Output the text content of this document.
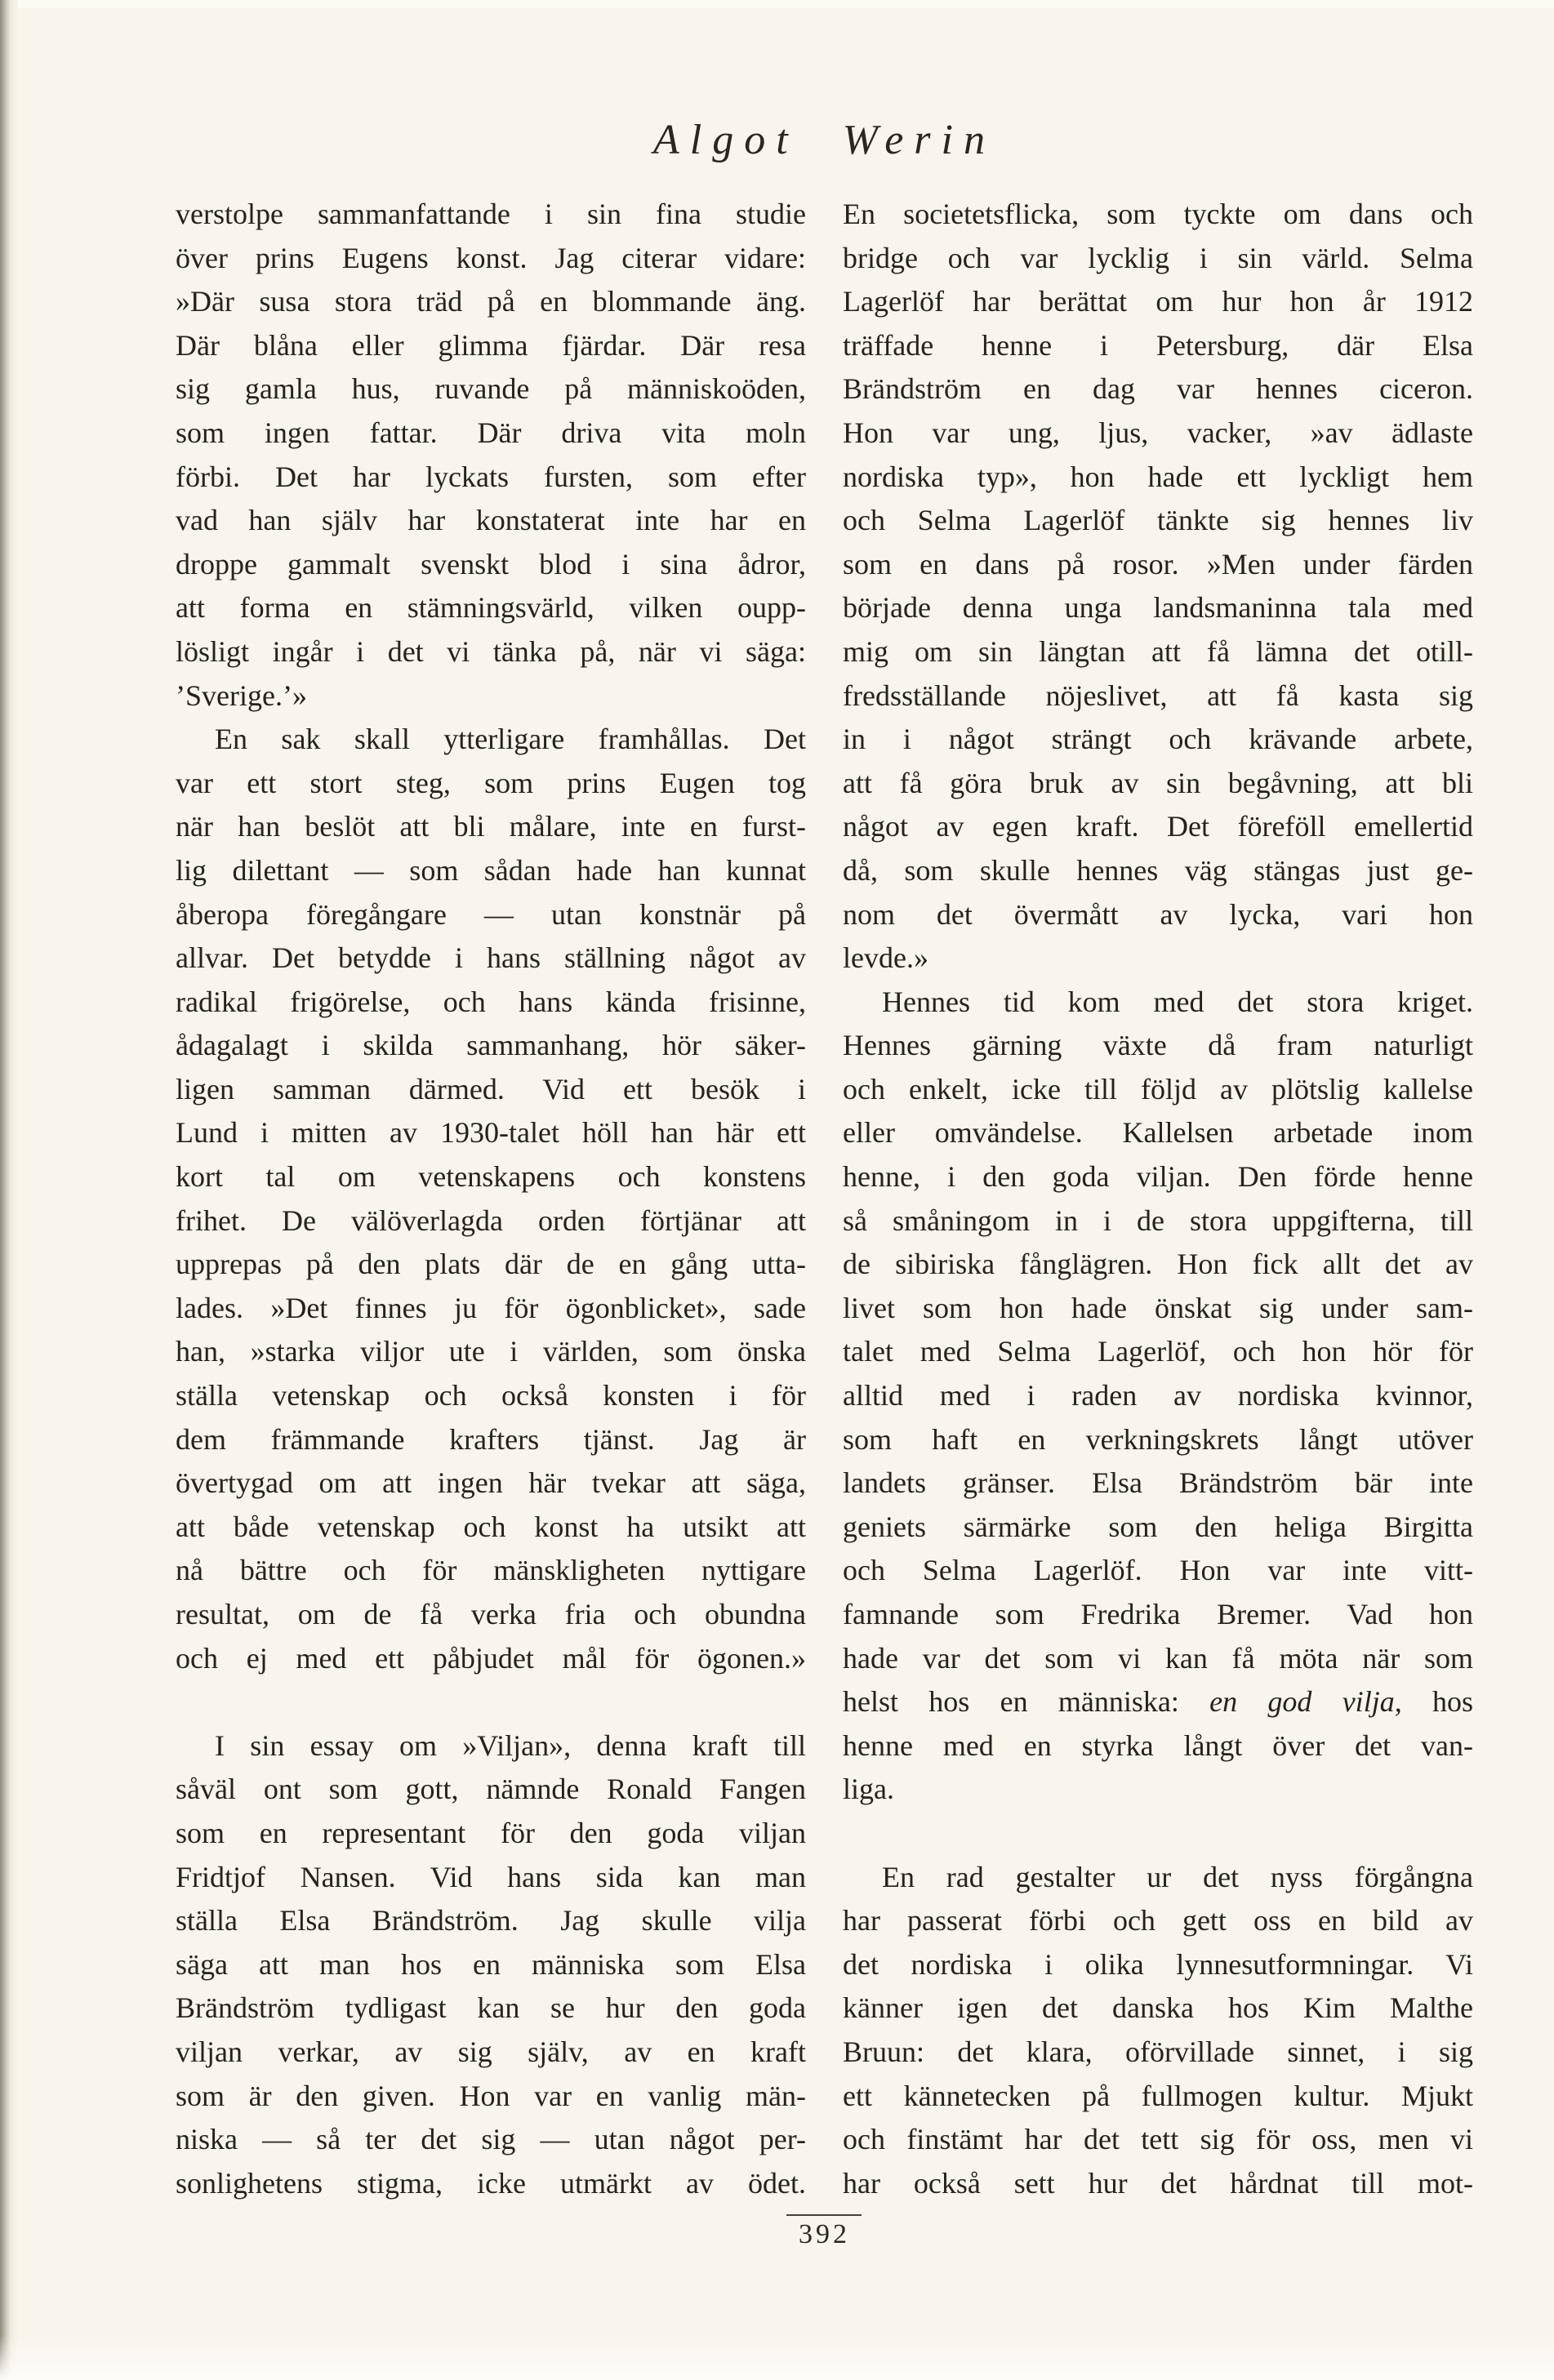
Algot Werin
verstolpe sammanfattande i sin fina studie
över prins Eugens konst. Jag citerar vidare:
»Där susa stora träd på en blommande äng.
Där blåna eller glimma fjärdar. Där resa
sig gamla hus, ruvande på människoöden,
som ingen fattar. Där driva vita moln
förbi. Det har lyckats fursten, som efter
vad han själv har konstaterat inte har en
droppe gammalt svenskt blod i sina ådror,
att forma en stämningsvärld, vilken oupp-
lösligt ingår i det vi tänka på, när vi säga:
’Sverige.’»
En sak skall ytterligare framhållas. Det
var ett stort steg, som prins Eugen tog
när han beslöt att bli målare, inte en furst-
lig dilettant — som sådan hade han kunnat
åberopa föregångare — utan konstnär på
allvar. Det betydde i hans ställning något av
radikal frigörelse, och hans kända frisinne,
ådagalagt i skilda sammanhang, hör säker-
ligen samman därmed. Vid ett besök i
Lund i mitten av 1930-talet höll han här ett
kort tal om vetenskapens och konstens
frihet. De välöverlagda orden förtjänar att
upprepas på den plats där de en gång utta-
lades. »Det finnes ju för ögonblicket», sade
han, »starka viljor ute i världen, som önska
ställa vetenskap och också konsten i för
dem främmande krafters tjänst. Jag är
övertygad om att ingen här tvekar att säga,
att både vetenskap och konst ha utsikt att
nå bättre och för mänskligheten nyttigare
resultat, om de få verka fria och obundna
och ej med ett påbjudet mål för ögonen.»
I sin essay om »Viljan», denna kraft till
såväl ont som gott, nämnde Ronald Fangen
som en representant för den goda viljan
Fridtjof Nansen. Vid hans sida kan man
ställa Elsa Brändström. Jag skulle vilja
säga att man hos en människa som Elsa
Brändström tydligast kan se hur den goda
viljan verkar, av sig själv, av en kraft
som är den given. Hon var en vanlig män-
niska — så ter det sig — utan något per-
sonlighetens stigma, icke utmärkt av ödet.
En societetsflicka, som tyckte om dans och
bridge och var lycklig i sin värld. Selma
Lagerlöf har berättat om hur hon år 1912
träffade henne i Petersburg, där Elsa
Brändström en dag var hennes ciceron.
Hon var ung, ljus, vacker, »av ädlaste
nordiska typ», hon hade ett lyckligt hem
och Selma Lagerlöf tänkte sig hennes liv
som en dans på rosor. »Men under färden
började denna unga landsmaninna tala med
mig om sin längtan att få lämna det otill-
fredsställande nöjeslivet, att få kasta sig
in i något strängt och krävande arbete,
att få göra bruk av sin begåvning, att bli
något av egen kraft. Det föreföll emellertid
då, som skulle hennes väg stängas just ge-
nom det övermått av lycka, vari hon
levde.»
Hennes tid kom med det stora kriget.
Hennes gärning växte då fram naturligt
och enkelt, icke till följd av plötslig kallelse
eller omvändelse. Kallelsen arbetade inom
henne, i den goda viljan. Den förde henne
så småningom in i de stora uppgifterna, till
de sibiriska fånglägren. Hon fick allt det av
livet som hon hade önskat sig under sam-
talet med Selma Lagerlöf, och hon hör för
alltid med i raden av nordiska kvinnor,
som haft en verkningskrets långt utöver
landets gränser. Elsa Brändström bär inte
geniets särmärke som den heliga Birgitta
och Selma Lagerlöf. Hon var inte vitt-
famnande som Fredrika Bremer. Vad hon
hade var det som vi kan få möta när som
helst hos en människa: en god vilja, hos
henne med en styrka långt över det van-
liga.
En rad gestalter ur det nyss förgångna
har passerat förbi och gett oss en bild av
det nordiska i olika lynnesutformningar. Vi
känner igen det danska hos Kim Malthe
Bruun: det klara, oförvillade sinnet, i sig
ett kännetecken på fullmogen kultur. Mjukt
och finstämt har det tett sig för oss, men vi
har också sett hur det hårdnat till mot-
392
